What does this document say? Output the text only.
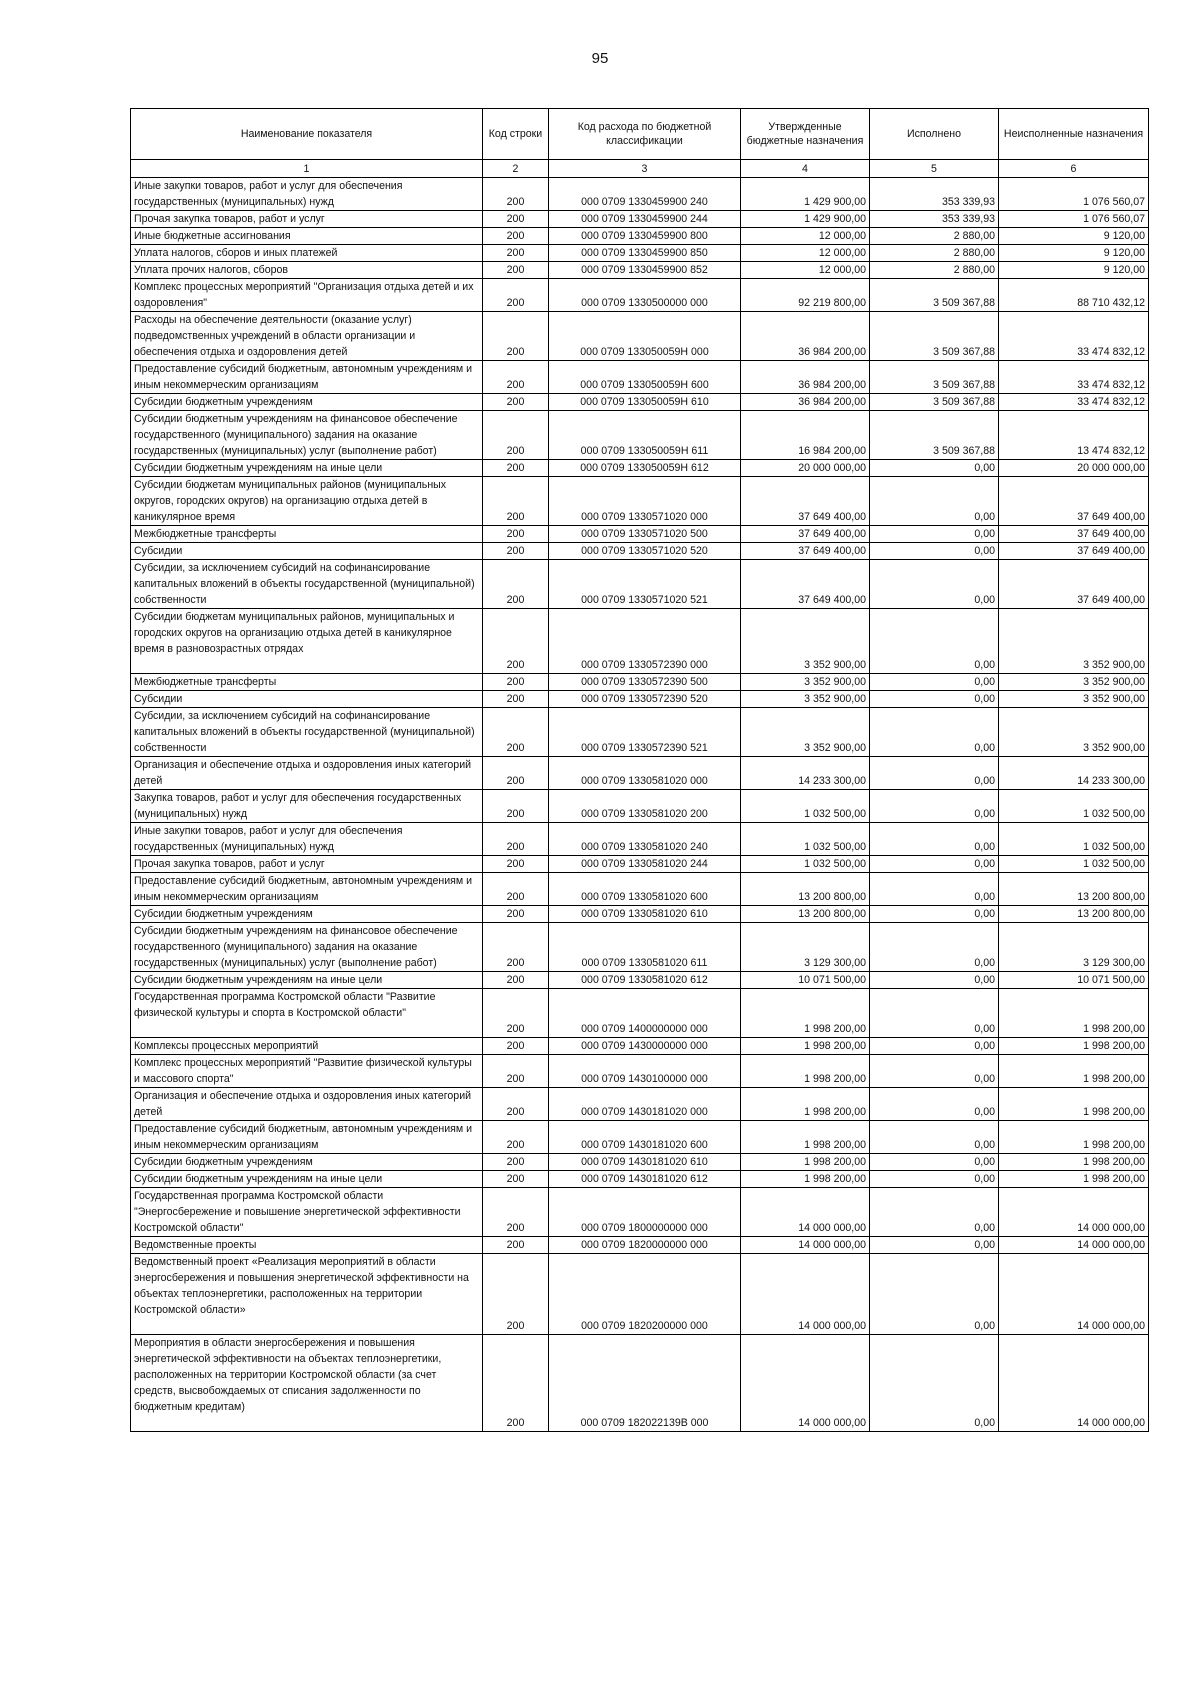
95
Наименование показателя	Код строки	Код расхода по бюджетной классификации	Утвержденные бюджетные назначения	Исполнено	Неисполненные назначения
1	2	3	4	5	6
Иные закупки товаров, работ и услуг для обеспечения государственных (муниципальных) нужд	200	000 0709 1330459900 240	1 429 900,00	353 339,93	1 076 560,07
Прочая закупка товаров, работ и услуг	200	000 0709 1330459900 244	1 429 900,00	353 339,93	1 076 560,07
Иные бюджетные ассигнования	200	000 0709 1330459900 800	12 000,00	2 880,00	9 120,00
Уплата налогов, сборов и иных платежей	200	000 0709 1330459900 850	12 000,00	2 880,00	9 120,00
Уплата прочих налогов, сборов	200	000 0709 1330459900 852	12 000,00	2 880,00	9 120,00
Комплекс процессных мероприятий "Организация отдыха детей и их оздоровления"	200	000 0709 1330500000 000	92 219 800,00	3 509 367,88	88 710 432,12
Расходы на обеспечение деятельности (оказание услуг) подведомственных учреждений в области организации и обеспечения отдыха и оздоровления детей	200	000 0709 133050059Н 000	36 984 200,00	3 509 367,88	33 474 832,12
Предоставление субсидий бюджетным, автономным учреждениям и иным некоммерческим организациям	200	000 0709 133050059Н 600	36 984 200,00	3 509 367,88	33 474 832,12
Субсидии бюджетным учреждениям	200	000 0709 133050059Н 610	36 984 200,00	3 509 367,88	33 474 832,12
Субсидии бюджетным учреждениям на финансовое обеспечение государственного (муниципального) задания на оказание государственных (муниципальных) услуг (выполнение работ)	200	000 0709 133050059Н 611	16 984 200,00	3 509 367,88	13 474 832,12
Субсидии бюджетным учреждениям на иные цели	200	000 0709 133050059Н 612	20 000 000,00	0,00	20 000 000,00
Субсидии бюджетам муниципальных районов (муниципальных округов, городских округов) на организацию отдыха детей в каникулярное время	200	000 0709 1330571020 000	37 649 400,00	0,00	37 649 400,00
Межбюджетные трансферты	200	000 0709 1330571020 500	37 649 400,00	0,00	37 649 400,00
Субсидии	200	000 0709 1330571020 520	37 649 400,00	0,00	37 649 400,00
Субсидии, за исключением субсидий на софинансирование капитальных вложений в объекты государственной (муниципальной) собственности	200	000 0709 1330571020 521	37 649 400,00	0,00	37 649 400,00
Субсидии бюджетам муниципальных районов, муниципальных и городских округов на организацию отдыха детей в каникулярное время в разновозрастных отрядах	200	000 0709 1330572390 000	3 352 900,00	0,00	3 352 900,00
Межбюджетные трансферты	200	000 0709 1330572390 500	3 352 900,00	0,00	3 352 900,00
Субсидии	200	000 0709 1330572390 520	3 352 900,00	0,00	3 352 900,00
Субсидии, за исключением субсидий на софинансирование капитальных вложений в объекты государственной (муниципальной) собственности	200	000 0709 1330572390 521	3 352 900,00	0,00	3 352 900,00
Организация и обеспечение отдыха и оздоровления иных категорий детей	200	000 0709 1330581020 000	14 233 300,00	0,00	14 233 300,00
Закупка товаров, работ и услуг для обеспечения государственных (муниципальных) нужд	200	000 0709 1330581020 200	1 032 500,00	0,00	1 032 500,00
Иные закупки товаров, работ и услуг для обеспечения государственных (муниципальных) нужд	200	000 0709 1330581020 240	1 032 500,00	0,00	1 032 500,00
Прочая закупка товаров, работ и услуг	200	000 0709 1330581020 244	1 032 500,00	0,00	1 032 500,00
Предоставление субсидий бюджетным, автономным учреждениям и иным некоммерческим организациям	200	000 0709 1330581020 600	13 200 800,00	0,00	13 200 800,00
Субсидии бюджетным учреждениям	200	000 0709 1330581020 610	13 200 800,00	0,00	13 200 800,00
Субсидии бюджетным учреждениям на финансовое обеспечение государственного (муниципального) задания на оказание государственных (муниципальных) услуг (выполнение работ)	200	000 0709 1330581020 611	3 129 300,00	0,00	3 129 300,00
Субсидии бюджетным учреждениям на иные цели	200	000 0709 1330581020 612	10 071 500,00	0,00	10 071 500,00
Государственная программа Костромской области "Развитие физической культуры и спорта в Костромской области"	200	000 0709 1400000000 000	1 998 200,00	0,00	1 998 200,00
Комплексы процессных мероприятий	200	000 0709 1430000000 000	1 998 200,00	0,00	1 998 200,00
Комплекс процессных мероприятий "Развитие физической культуры и массового спорта"	200	000 0709 1430100000 000	1 998 200,00	0,00	1 998 200,00
Организация и обеспечение отдыха и оздоровления иных категорий детей	200	000 0709 1430181020 000	1 998 200,00	0,00	1 998 200,00
Предоставление субсидий бюджетным, автономным учреждениям и иным некоммерческим организациям	200	000 0709 1430181020 600	1 998 200,00	0,00	1 998 200,00
Субсидии бюджетным учреждениям	200	000 0709 1430181020 610	1 998 200,00	0,00	1 998 200,00
Субсидии бюджетным учреждениям на иные цели	200	000 0709 1430181020 612	1 998 200,00	0,00	1 998 200,00
Государственная программа Костромской области "Энергосбережение и повышение энергетической эффективности Костромской области"	200	000 0709 1800000000 000	14 000 000,00	0,00	14 000 000,00
Ведомственные проекты	200	000 0709 1820000000 000	14 000 000,00	0,00	14 000 000,00
Ведомственный проект «Реализация мероприятий в области энергосбережения и повышения энергетической эффективности на объектах теплоэнергетики, расположенных на территории Костромской области»	200	000 0709 1820200000 000	14 000 000,00	0,00	14 000 000,00
Мероприятия в области энергосбережения и повышения энергетической эффективности на объектах теплоэнергетики, расположенных на территории Костромской области (за счет средств, высвобождаемых от списания задолженности по бюджетным кредитам)	200	000 0709 182022139В 000	14 000 000,00	0,00	14 000 000,00
